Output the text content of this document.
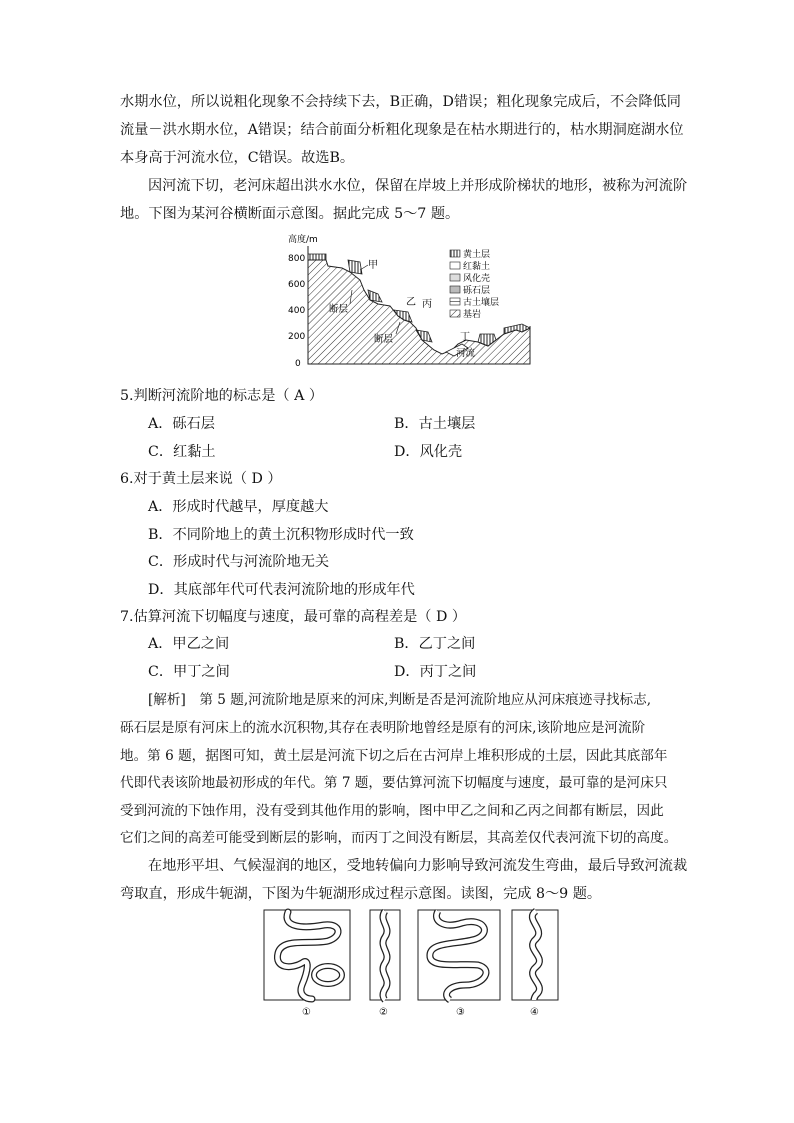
水期水位，所以说粗化现象不会持续下去，B正确，D错误；粗化现象完成后，不会降低同
流量－洪水期水位，A错误；结合前面分析粗化现象是在枯水期进行的，枯水期洞庭湖水位
本身高于河流水位，C错误。故选B。
因河流下切，老河床超出洪水水位，保留在岸坡上并形成阶梯状的地形，被称为河流阶
地。下图为某河谷横断面示意图。据此完成 5～7 题。
高度/m
800
600
400
200
0
甲
断层
乙 丙
断层	丁
河流
黄土层
红黏土
风化壳
砾石层
古土壤层
基岩
5.判断河流阶地的标志是（ A ）
A．砾石层	B．古土壤层
C．红黏土	D．风化壳
6.对于黄土层来说（ D ）
A．形成时代越早，厚度越大
B．不同阶地上的黄土沉积物形成时代一致
C．形成时代与河流阶地无关
D．其底部年代可代表河流阶地的形成年代
7.估算河流下切幅度与速度，最可靠的高程差是（ D ）
A．甲乙之间	B．乙丁之间
C．甲丁之间	D．丙丁之间
[解析]　第 5 题,河流阶地是原来的河床,判断是否是河流阶地应从河床痕迹寻找标志,
砾石层是原有河床上的流水沉积物,其存在表明阶地曾经是原有的河床,该阶地应是河流阶
地。第 6 题，据图可知，黄土层是河流下切之后在古河岸上堆积形成的土层，因此其底部年
代即代表该阶地最初形成的年代。第 7 题，要估算河流下切幅度与速度，最可靠的是河床只
受到河流的下蚀作用，没有受到其他作用的影响，图中甲乙之间和乙丙之间都有断层，因此
它们之间的高差可能受到断层的影响，而丙丁之间没有断层，其高差仅代表河流下切的高度。
在地形平坦、气候湿润的地区，受地转偏向力影响导致河流发生弯曲，最后导致河流裁
弯取直，形成牛轭湖，下图为牛轭湖形成过程示意图。读图，完成 8～9 题。
①	②	③	④
